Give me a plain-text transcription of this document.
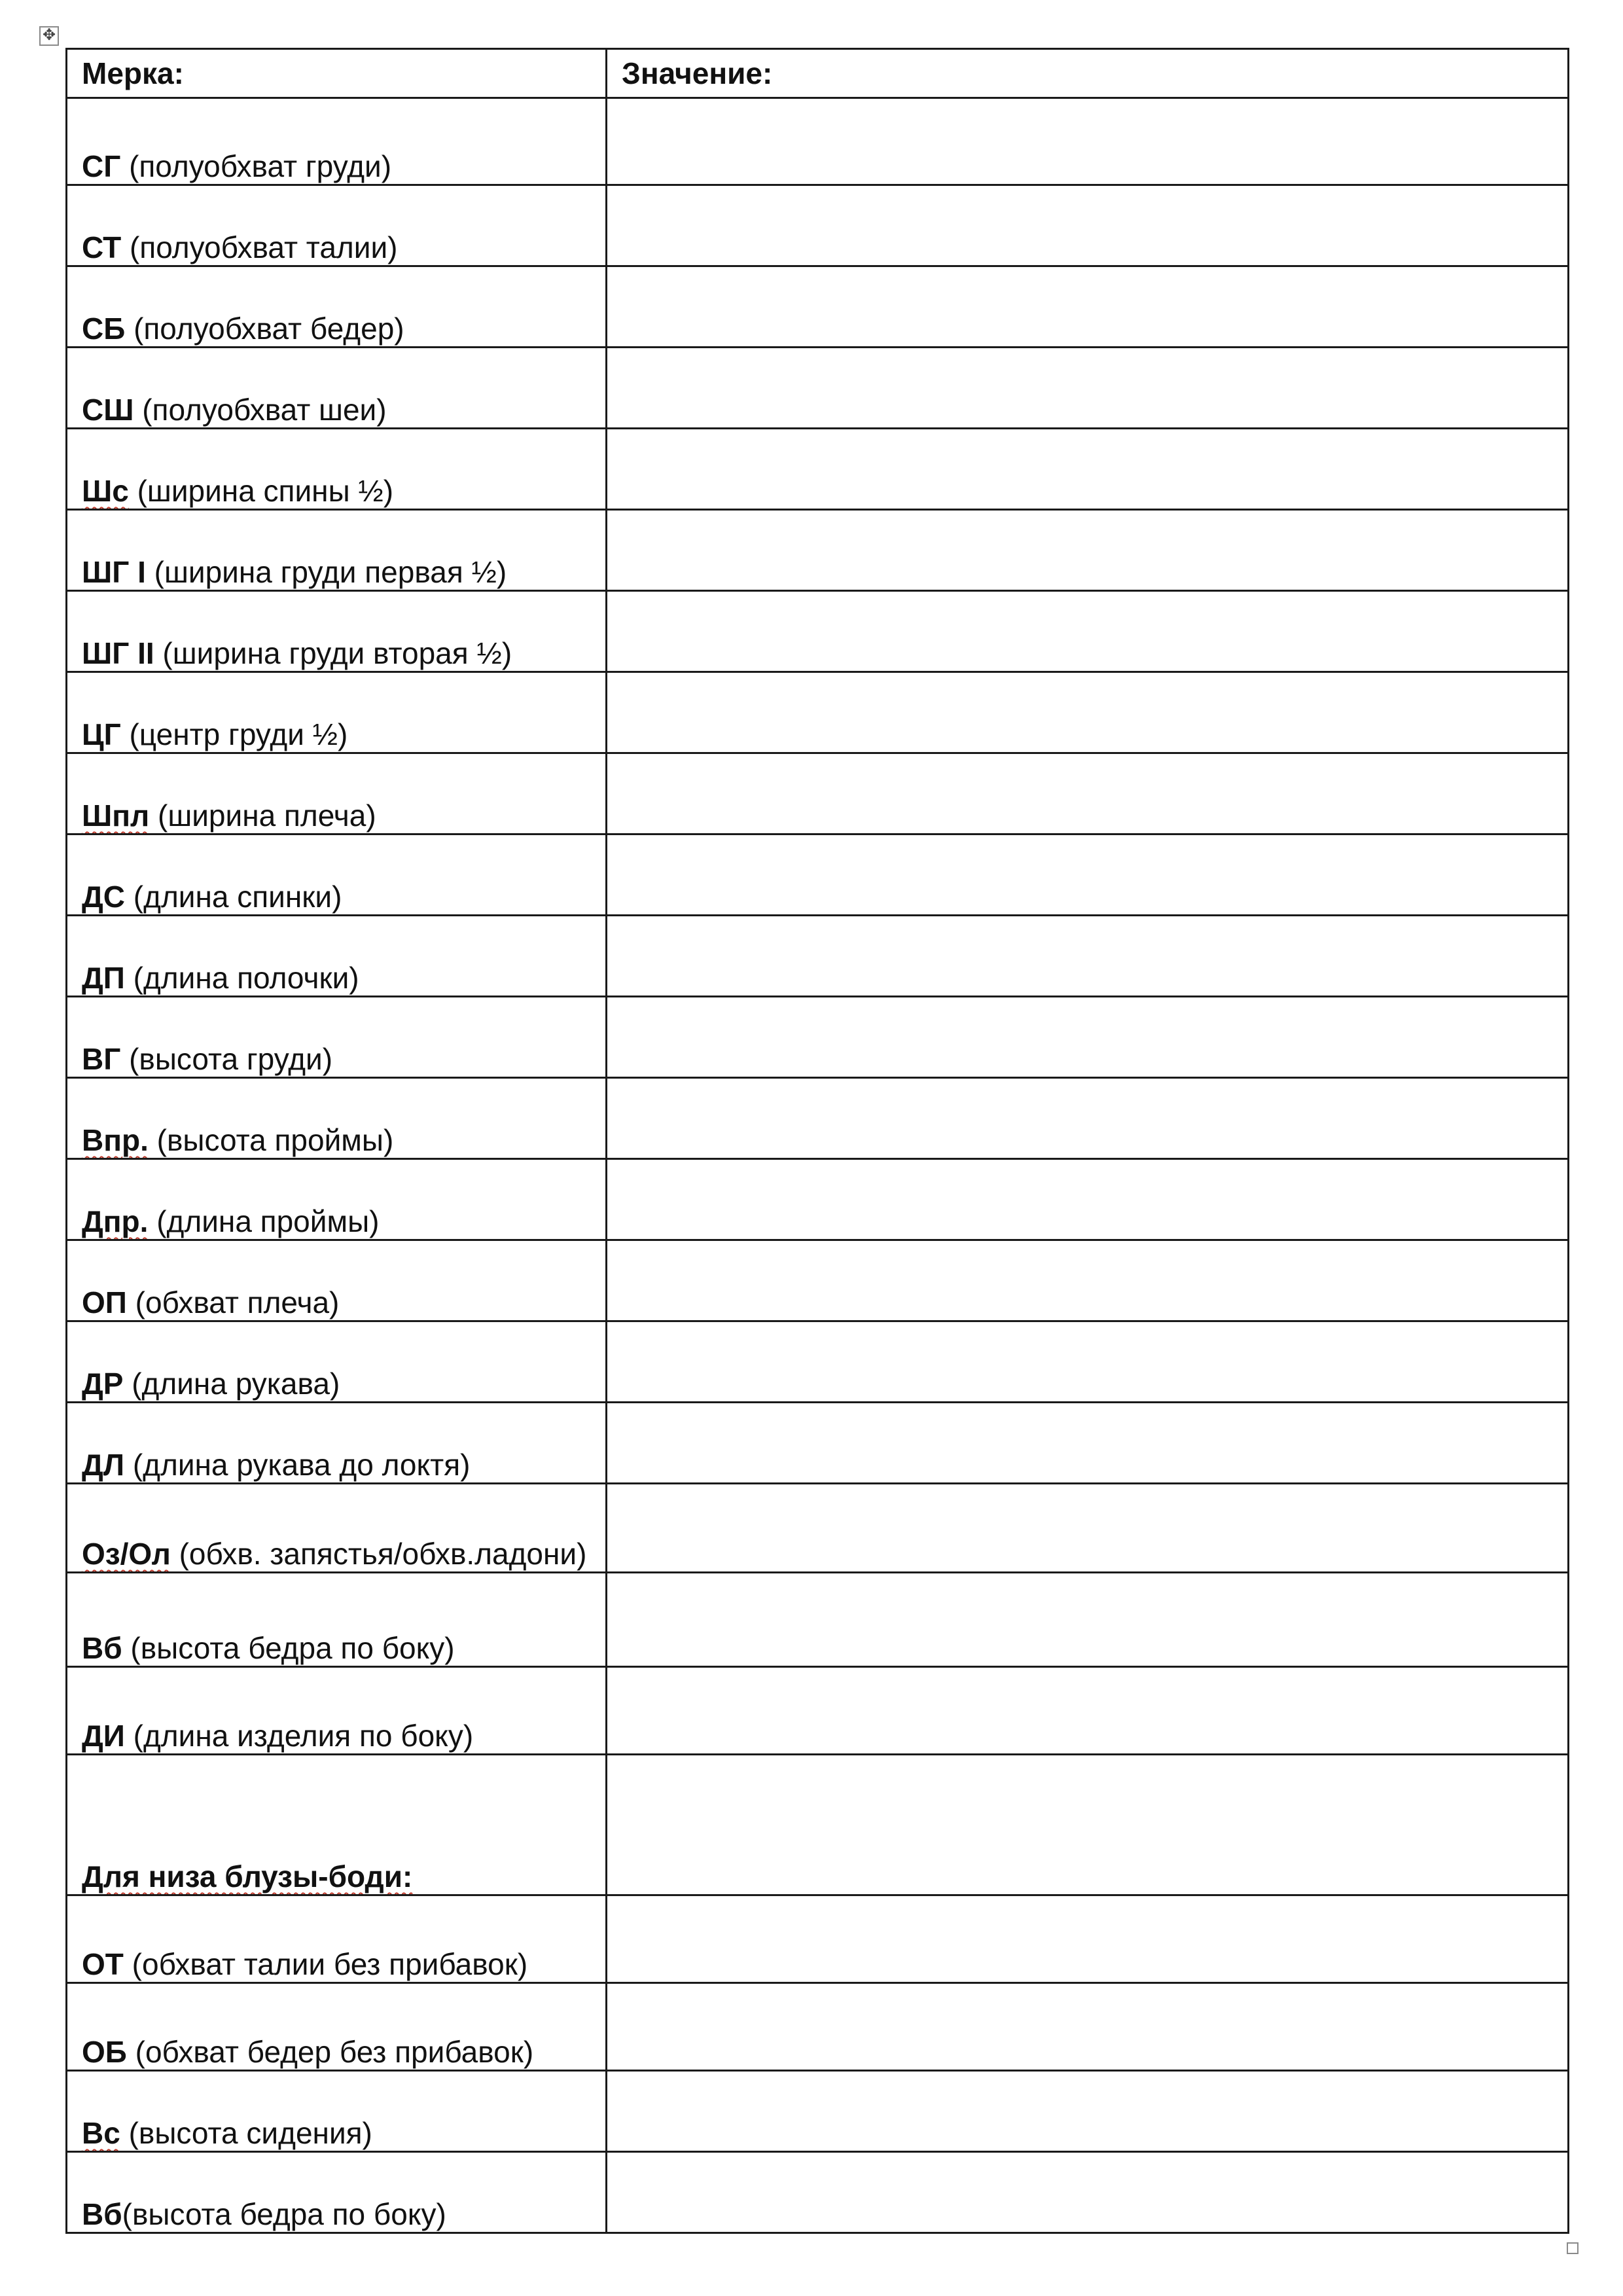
✥
Мерка:	Значение:
СГ (полуобхват груди)	
СТ (полуобхват талии)	
СБ (полуобхват бедер)	
СШ (полуобхват шеи)	
Шс (ширина спины ½)	
ШГ I (ширина груди первая ½)	
ШГ II (ширина груди вторая ½)	
ЦГ (центр груди ½)	
Шпл (ширина плеча)	
ДС (длина спинки)	
ДП (длина полочки)	
ВГ (высота груди)	
Впр. (высота проймы)	
Дпр. (длина проймы)	
ОП (обхват плеча)	
ДР (длина рукава)	
ДЛ (длина рукава до локтя)	
Оз/Ол (обхв. запястья/обхв.ладони)	
Вб (высота бедра по боку)	
ДИ (длина изделия по боку)	
Для низа блузы-боди:	
ОТ (обхват талии без прибавок)	
ОБ (обхват бедер без прибавок)	
Вс (высота сидения)	
Вб(высота бедра по боку)	
